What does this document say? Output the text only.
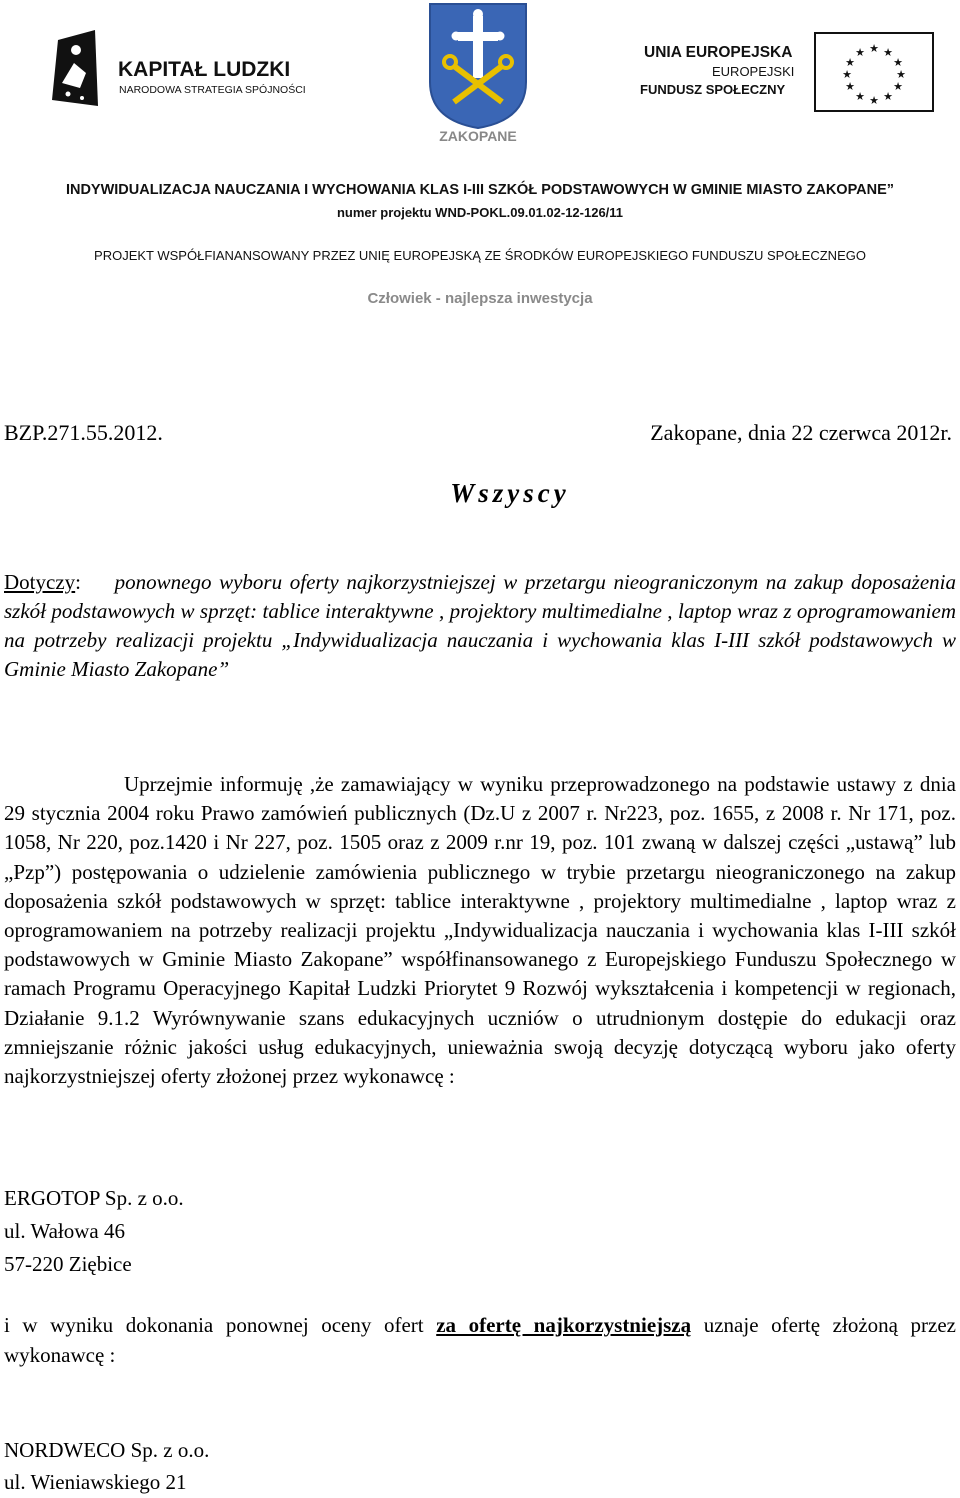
KAPITAŁ LUDZKI
NARODOWA STRATEGIA SPÓJNOŚCI
ZAKOPANE
UNIA EUROPEJSKA
EUROPEJSKI
FUNDUSZ SPOŁECZNY
★ ★
★
★
★
★
★
★
★
★
★
★
INDYWIDUALIZACJA NAUCZANIA I WYCHOWANIA KLAS I-III SZKÓŁ PODSTAWOWYCH W GMINIE MIASTO ZAKOPANE”
numer projektu WND-POKL.09.01.02-12-126/11
PROJEKT WSPÓŁFIANANSOWANY PRZEZ UNIĘ EUROPEJSKĄ ZE ŚRODKÓW EUROPEJSKIEGO FUNDUSZU SPOŁECZNEGO
Człowiek - najlepsza inwestycja
BZP.271.55.2012.	Zakopane, dnia 22 czerwca 2012r.
Wszyscy
Dotyczy: ponownego wyboru oferty najkorzystniejszej w przetargu nieograniczonym na zakup doposażenia szkół podstawowych w sprzęt: tablice interaktywne , projektory multimedialne , laptop wraz z oprogramowaniem na potrzeby realizacji projektu „Indywidualizacja nauczania i wychowania klas I-III szkół podstawowych w Gminie Miasto Zakopane”
Uprzejmie informuję ,że zamawiający w wyniku przeprowadzonego na podstawie ustawy z dnia 29 stycznia 2004 roku Prawo zamówień publicznych (Dz.U z 2007 r. Nr223, poz. 1655, z 2008 r. Nr 171, poz. 1058, Nr 220, poz.1420 i Nr 227, poz. 1505 oraz z 2009 r.nr 19, poz. 101 zwaną w dalszej części „ustawą” lub „Pzp”) postępowania o udzielenie zamówienia publicznego w trybie przetargu nieograniczonego na zakup doposażenia szkół podstawowych w sprzęt: tablice interaktywne , projektory multimedialne , laptop wraz z oprogramowaniem na potrzeby realizacji projektu „Indywidualizacja nauczania i wychowania klas I-III szkół podstawowych w Gminie Miasto Zakopane” współfinansowanego z Europejskiego Funduszu Społecznego w ramach Programu Operacyjnego Kapitał Ludzki Priorytet 9 Rozwój wykształcenia i kompetencji w regionach, Działanie 9.1.2 Wyrównywanie szans edukacyjnych uczniów o utrudnionym dostępie do edukacji oraz zmniejszanie różnic jakości usług edukacyjnych, unieważnia swoją decyzję dotyczącą wyboru jako oferty najkorzystniejszej oferty złożonej przez wykonawcę :
ERGOTOP Sp. z o.o.
ul. Wałowa 46
57-220 Ziębice
i w wyniku dokonania ponownej oceny ofert za ofertę najkorzystniejszą uznaje ofertę złożoną przez wykonawcę :
NORDWECO Sp. z o.o.
ul. Wieniawskiego 21
